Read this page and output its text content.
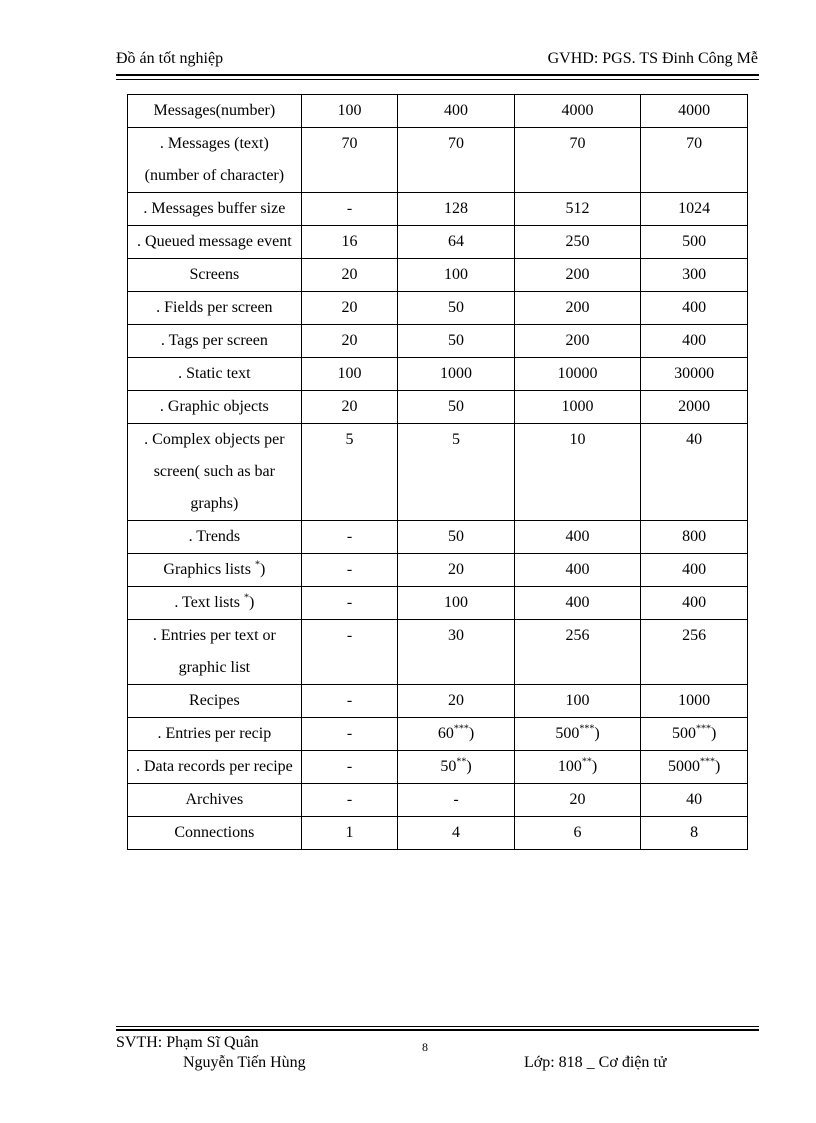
Đồ án tốt nghiệp	GVHD: PGS. TS Đinh Công Mễ
Messages(number)	100	400	4000	4000
. Messages (text) (number of character)	70	70	70	70
. Messages buffer size	-	128	512	1024
. Queued message event	16	64	250	500
Screens	20	100	200	300
. Fields per screen	20	50	200	400
. Tags per screen	20	50	200	400
. Static text	100	1000	10000	30000
. Graphic objects	20	50	1000	2000
. Complex objects per screen( such as bar graphs)	5	5	10	40
. Trends	-	50	400	800
Graphics lists *)	-	20	400	400
. Text lists *)	-	100	400	400
. Entries per text or graphic list	-	30	256	256
Recipes	-	20	100	1000
. Entries per recip	-	60***)	500***)	500***)
. Data records per recipe	-	50**)	100**)	5000***)
Archives	-	-	20	40
Connections	1	4	6	8
SVTH: Phạm Sĩ Quân
Nguyễn Tiến Hùng
8
Lớp: 818 _ Cơ điện tử
